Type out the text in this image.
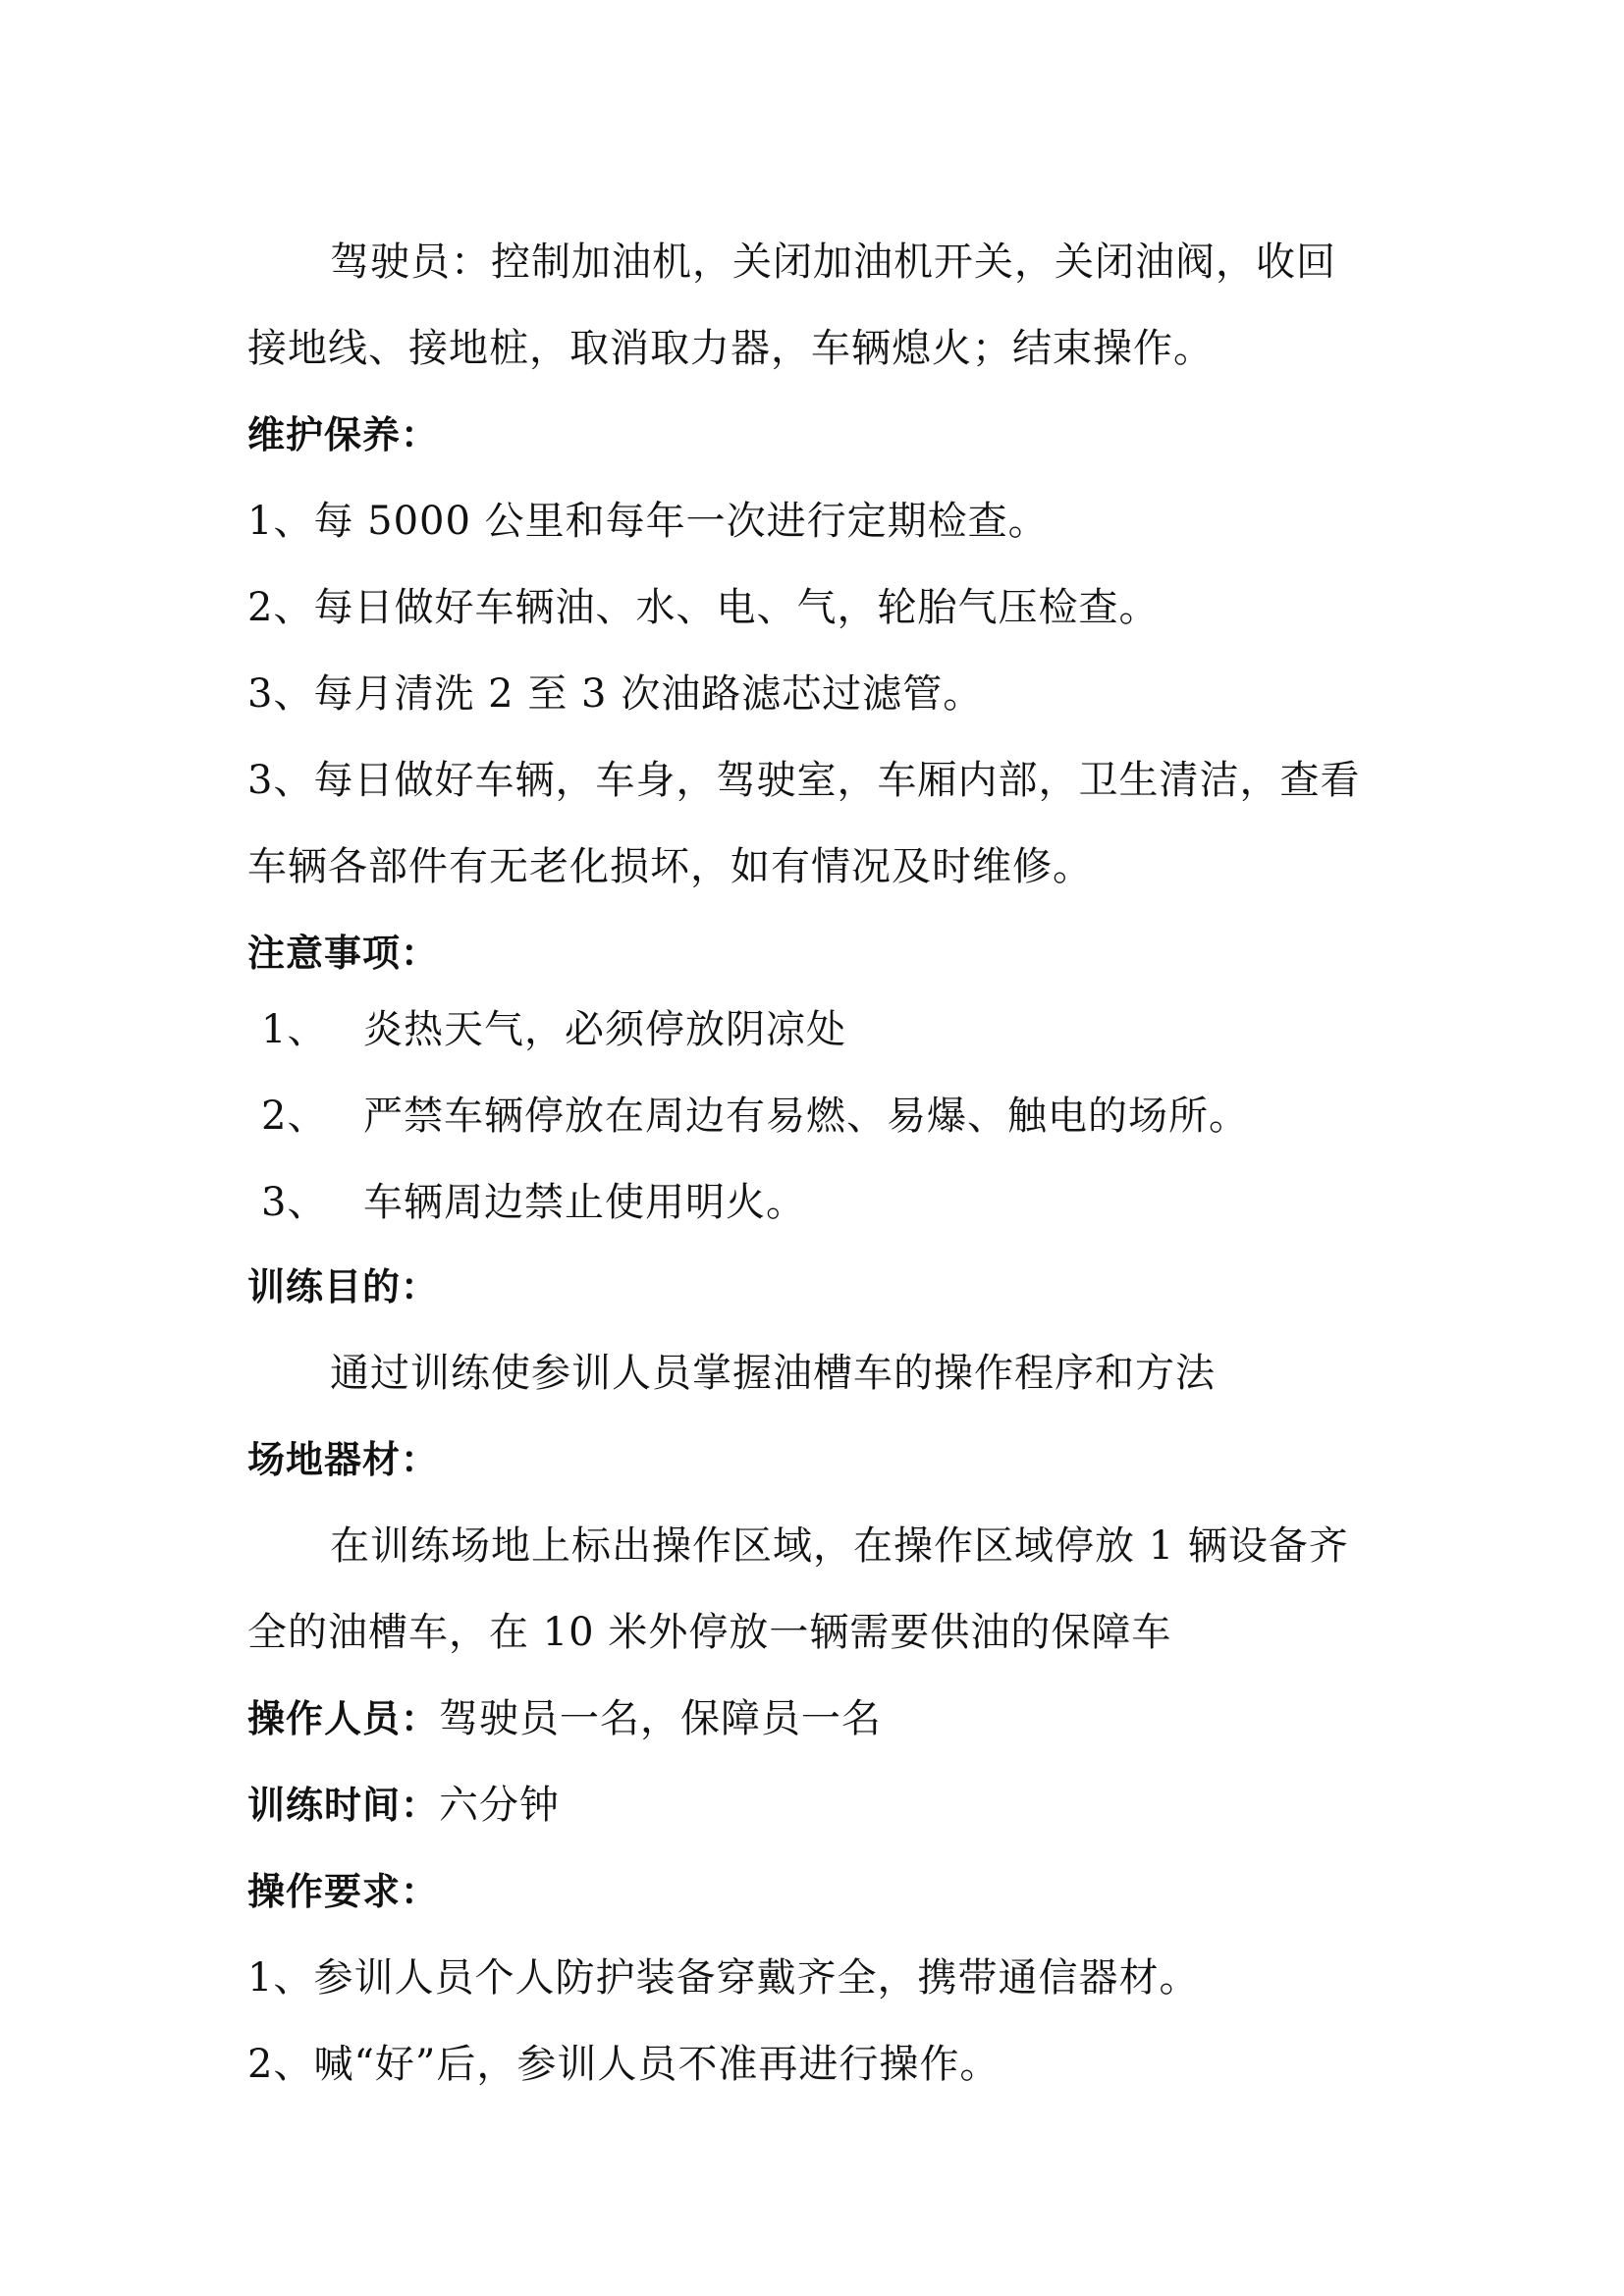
驾驶员：控制加油机，关闭加油机开关，关闭油阀，收回
接地线、接地桩，取消取力器，车辆熄火；结束操作。
维护保养：
1、每 5000 公里和每年一次进行定期检查。
2、每日做好车辆油、水、电、气，轮胎气压检查。
3、每月清洗 2 至 3 次油路滤芯过滤管。
3、每日做好车辆，车身，驾驶室，车厢内部，卫生清洁，查看
车辆各部件有无老化损坏，如有情况及时维修。
注意事项：
1、 炎热天气，必须停放阴凉处
2、 严禁车辆停放在周边有易燃、易爆、触电的场所。
3、 车辆周边禁止使用明火。
训练目的：
通过训练使参训人员掌握油槽车的操作程序和方法
场地器材：
在训练场地上标出操作区域，在操作区域停放 1 辆设备齐
全的油槽车，在 10 米外停放一辆需要供油的保障车
操作人员：驾驶员一名，保障员一名
训练时间：六分钟
操作要求：
1、参训人员个人防护装备穿戴齐全，携带通信器材。
2、喊“好”后，参训人员不准再进行操作。
